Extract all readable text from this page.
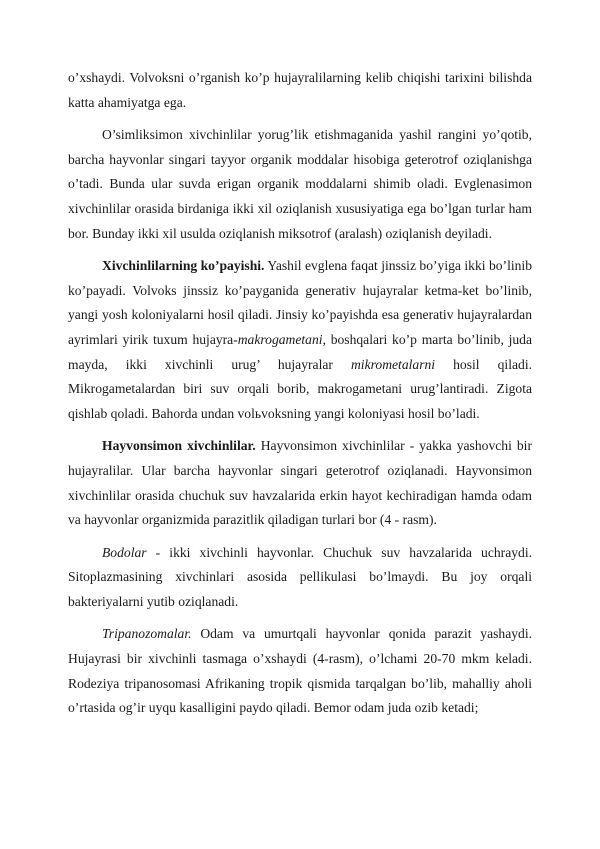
o’xshaydi. Volvoksni o’rganish ko’p hujayralilarning kelib chiqishi tarixini bilishda katta ahamiyatga ega.

O’simliksimon xivchinlilar yorug’lik etishmaganida yashil rangini yo’qotib, barcha hayvonlar singari tayyor organik moddalar hisobiga geterotrof oziqlanishga o’tadi. Bunda ular suvda erigan organik moddalarni shimib oladi. Evglenasimon xivchinlilar orasida birdaniga ikki xil oziqlanish xususiyatiga ega bo’lgan turlar ham bor. Bunday ikki xil usulda oziqlanish miksotrof (aralash) oziqlanish deyiladi.

Xivchinlilarning ko’payishi. Yashil evglena faqat jinssiz bo’yiga ikki bo’linib ko’payadi. Volvoks jinssiz ko’payganida generativ hujayralar ketma-ket bo’linib, yangi yosh koloniyalarni hosil qiladi. Jinsiy ko’payishda esa generativ hujayralardan ayrimlari yirik tuxum hujayra-makrogametani, boshqalari ko’p marta bo’linib, juda mayda, ikki xivchinli urug’ hujayralar mikrometalarni hosil qiladi. Mikrogametalardan biri suv orqali borib, makrogametani urug’lantiradi. Zigota qishlab qoladi. Bahorda undan volьvoksning yangi koloniyasi hosil bo’ladi.

Hayvonsimon xivchinlilar. Hayvonsimon xivchinlilar - yakka yashovchi bir hujayralilar. Ular barcha hayvonlar singari geterotrof oziqlanadi. Hayvonsimon xivchinlilar orasida chuchuk suv havzalarida erkin hayot kechiradigan hamda odam va hayvonlar organizmida parazitlik qiladigan turlari bor (4 - rasm).

Bodolar - ikki xivchinli hayvonlar. Chuchuk suv havzalarida uchraydi. Sitoplazmasining xivchinlari asosida pellikulasi bo’lmaydi. Bu joy orqali bakteriyalarni yutib oziqlanadi.

Tripanozomalar. Odam va umurtqali hayvonlar qonida parazit yashaydi. Hujayrasi bir xivchinli tasmaga o’xshaydi (4-rasm), o’lchami 20-70 mkm keladi. Rodeziya tripanosomasi Afrikaning tropik qismida tarqalgan bo’lib, mahalliy aholi o’rtasida og’ir uyqu kasalligini paydo qiladi. Bemor odam juda ozib ketadi;
